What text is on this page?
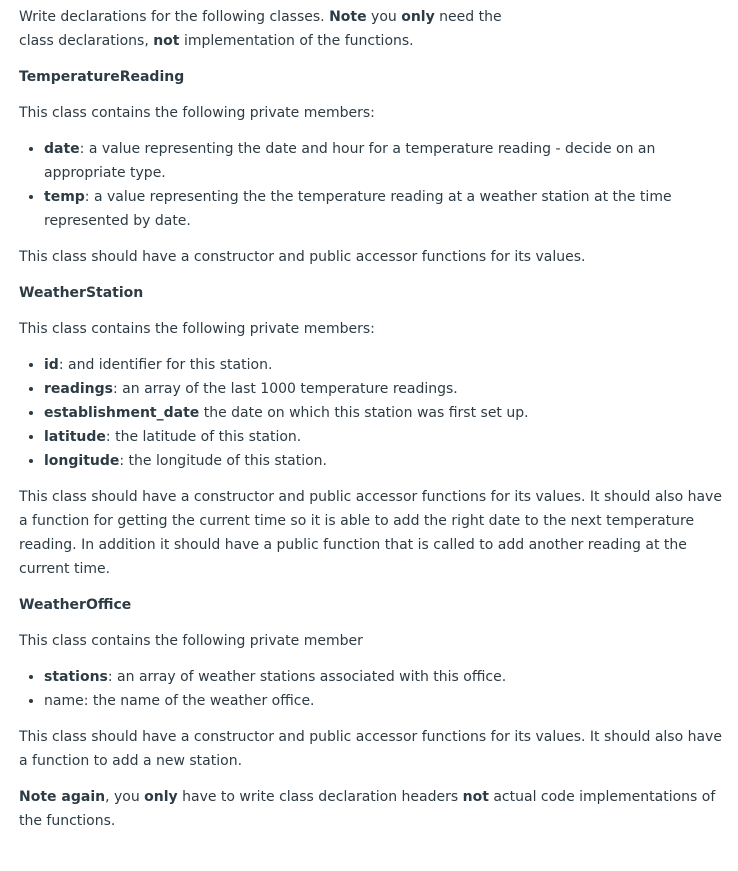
Write declarations for the following classes. Note you only need the class declarations, not implementation of the functions.

TemperatureReading

This class contains the following private members:

• date: a value representing the date and hour for a temperature reading - decide on an appropriate type.
• temp: a value representing the the temperature reading at a weather station at the time represented by date.

This class should have a constructor and public accessor functions for its values.

WeatherStation

This class contains the following private members:

• id: and identifier for this station.
• readings: an array of the last 1000 temperature readings.
• establishment_date the date on which this station was first set up.
• latitude: the latitude of this station.
• longitude: the longitude of this station.

This class should have a constructor and public accessor functions for its values. It should also have a function for getting the current time so it is able to add the right date to the next temperature reading. In addition it should have a public function that is called to add another reading at the current time.

WeatherOffice

This class contains the following private member

• stations: an array of weather stations associated with this office.
• name: the name of the weather office.

This class should have a constructor and public accessor functions for its values. It should also have a function to add a new station.

Note again, you only have to write class declaration headers not actual code implementations of the functions.
